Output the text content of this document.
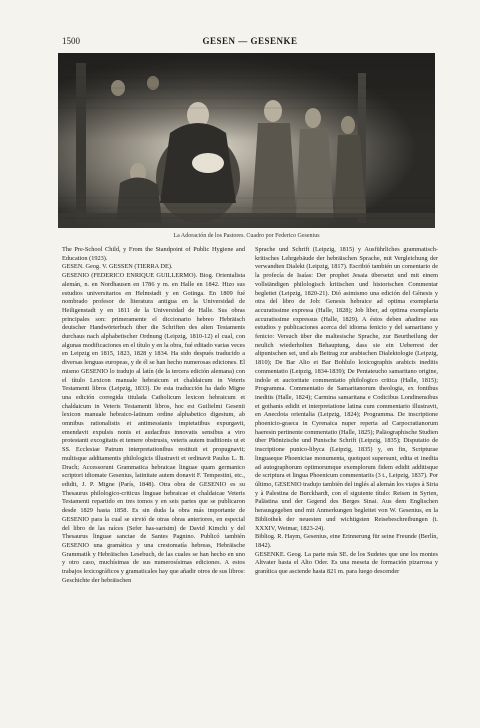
1500	GESEN — GESENKE
La Adoración de los Pastores. Cuadro por Federico Gesenius

The Pre-School Child, y From the Standpoint of Public Hygiene and Education (1923).

GESEN. Geog. V. GESSEN (TIERRA DE).

GESENIO (FEDERICO ENRIQUE GUILLERMO). Biog. Orientalista alemán, n. en Nordhausen en 1786 y m. en Halle en 1842. Hizo sus estudios universitarios en Helmstadt y en Gotinga. En 1809 fué nombrado profesor de literatura antigua en la Universidad de Heiligenstadt y en 1811 de la Universidad de Halle. Sus obras principales son: primeramente el diccionario hebreo Hebräisch deutscher Handwörterbuch über die Schriften des alten Testaments durchaus nach alphabetischer Ordnung (Leipzig, 1810-12) el cual, con algunas modificaciones en el título y en la obra, fué editado varias veces en Leipzig en 1815, 1823, 1828 y 1834. Ha sido después traducido a diversas lenguas europeas, y de él se han hecho numerosas ediciones. El mismo GESENIO lo tradujo al latín (de la tercera edición alemana) con el título Lexicon manuale hebraicum et chaldaicum in Veteris Testamenti libros (Leipzig, 1833). De esta traducción ha dado Migne una edición corregida titulada Catholicum lexicon hebraicum et chaldaicum in Veteris Testamenti libros, hoc est Guilielmi Gesenii lexicon manuale hebraico-latinum ordine alphabetico digestum, ab omnibus rationalistis et antimessianis impietatibus expurgavit, emendavit expulsis nonis et audacibus innovatis sensibus a viro protestanti excogitatis et temere obstrusis, veteris autem traditionis ut et SS. Ecclesiae Patrum interpretationibus restituit et propugnavit; multisque additamentis philologicis illustravit et ordinavit Paulus L. B. Drach; Accessorunt Grammatica hebraicae linguae quam germanico scriptori idiomate Gesenius, latinitate autem donavit F. Tempestini, etc., edidit, J. P. Migne (París, 1848). Otra obra de GESENIO es su Thesaurus philologico-criticus linguae hebraicae et chaldaicae Veteris Testamenti repartido en tres tomos y en seis partes que se publicaron desde 1829 hasta 1858. Es sin duda la obra más importante de GESENIO para la cual se sirvió de otras obras anteriores, en especial del libro de las raíces (Sefer has-sarisim) de David Kimchi y del Thesaurus linguae sanctae de Santes Pagnino. Publicó también GESENIO una gramática y una crestomatía hebreas, Hebräische Grammatik y Hebräisches Lesebuch, de las cuales se han hecho en uno y otro caso, muchísimas de sus numerosísimas ediciones. A estos trabajos lexicográficos y gramaticales hay que añadir otros de sus libros: Geschichte der hebräischen

Sprache und Schrift (Leipzig, 1815) y Ausführliches grammatisch-kritisches Lehrgebäude der hebräischen Sprache, mit Vergleichung der verwandten Dialekt (Leipzig, 1817). Escribió también un comentario de la profecía de Isaías: Der prophet Jesaia übersetzt und mit einem vollständigen philologisch kritischen und historischen Commentar begleitet (Leipzig, 1820-21). Dió asimismo una edición del Génesis y otra del libro de Job: Genesis hebraice ad optima exemplaria accuratissime expressa (Halle, 1828); Job liber, ad optima exemplaria accuratissime expressus (Halle, 1829). A éstos deben añadirse sus estudios y publicaciones acerca del idioma fenicio y del samaritano y fenicio: Versuch über die maltesische Sprache, zur Beurtheilung der neulich wiederholten Behauptung, dass sie ein Ueberrest der altpunischen sei, und als Beitrag zur arabischen Dialektologie (Leipzig, 1810); De Bar Alio et Bar Bohlulo lexicographis arabicis ineditis commentatio (Leipzig, 1834-1839); De Pentateucho samaritano origine, indole et auctoritate commentatio philologico critica (Halle, 1815); Programma. Commentatio de Samaritanorum theologia, ex fontibus ineditis (Halle, 1824); Carmina samaritana e Codicibus Londinensibus et gothanis edidit et interpretatione latina cum commentario illustravit, en Anecdota orientalia (Leipzig, 1824); Programma. De inscriptione phoenicio-graeca in Cyrenaica nuper reperta ad Carpocratianorum haeresin pertinente commentatio (Halle, 1825); Paläographische Studien über Phönizische und Punische Schrift (Leipzig, 1835); Disputatio de inscriptione punico-libyca (Leipzig, 1835) y, en fin, Scripturae linguaeque Phoeniciae monumenta, quotquot supersunt, edita et inedita ad autographorum optimorumque exemplorum fidem edidit additisque de scriptura et lingua Phoenicum commentariis (3 t., Leipzig, 1837). Por último, GESENIO tradujo también del inglés al alemán los viajes à Siria y à Palestina de Burckhardt, con el siguiente título: Reisen in Syrien, Palästina und der Gegend des Berges Sinai. Aus dem Englischen herausgegeben und mit Anmerkungen begleitet von W. Gesenius, en la Bibliothek der neuesten und wichtigsten Reisebeschreibungen (t. XXXIV, Weimar, 1823-24).

Bibliog. R. Haym, Gesenius, eine Erinnerung für seine Freunde (Berlín, 1842).

GESENKE. Geog. La parte más SE. de los Sudetes que une los montes Altvater hasta el Alto Oder. Es una meseta de formación pizarrosa y granítica que asciende hasta 821 m. para luego descender
